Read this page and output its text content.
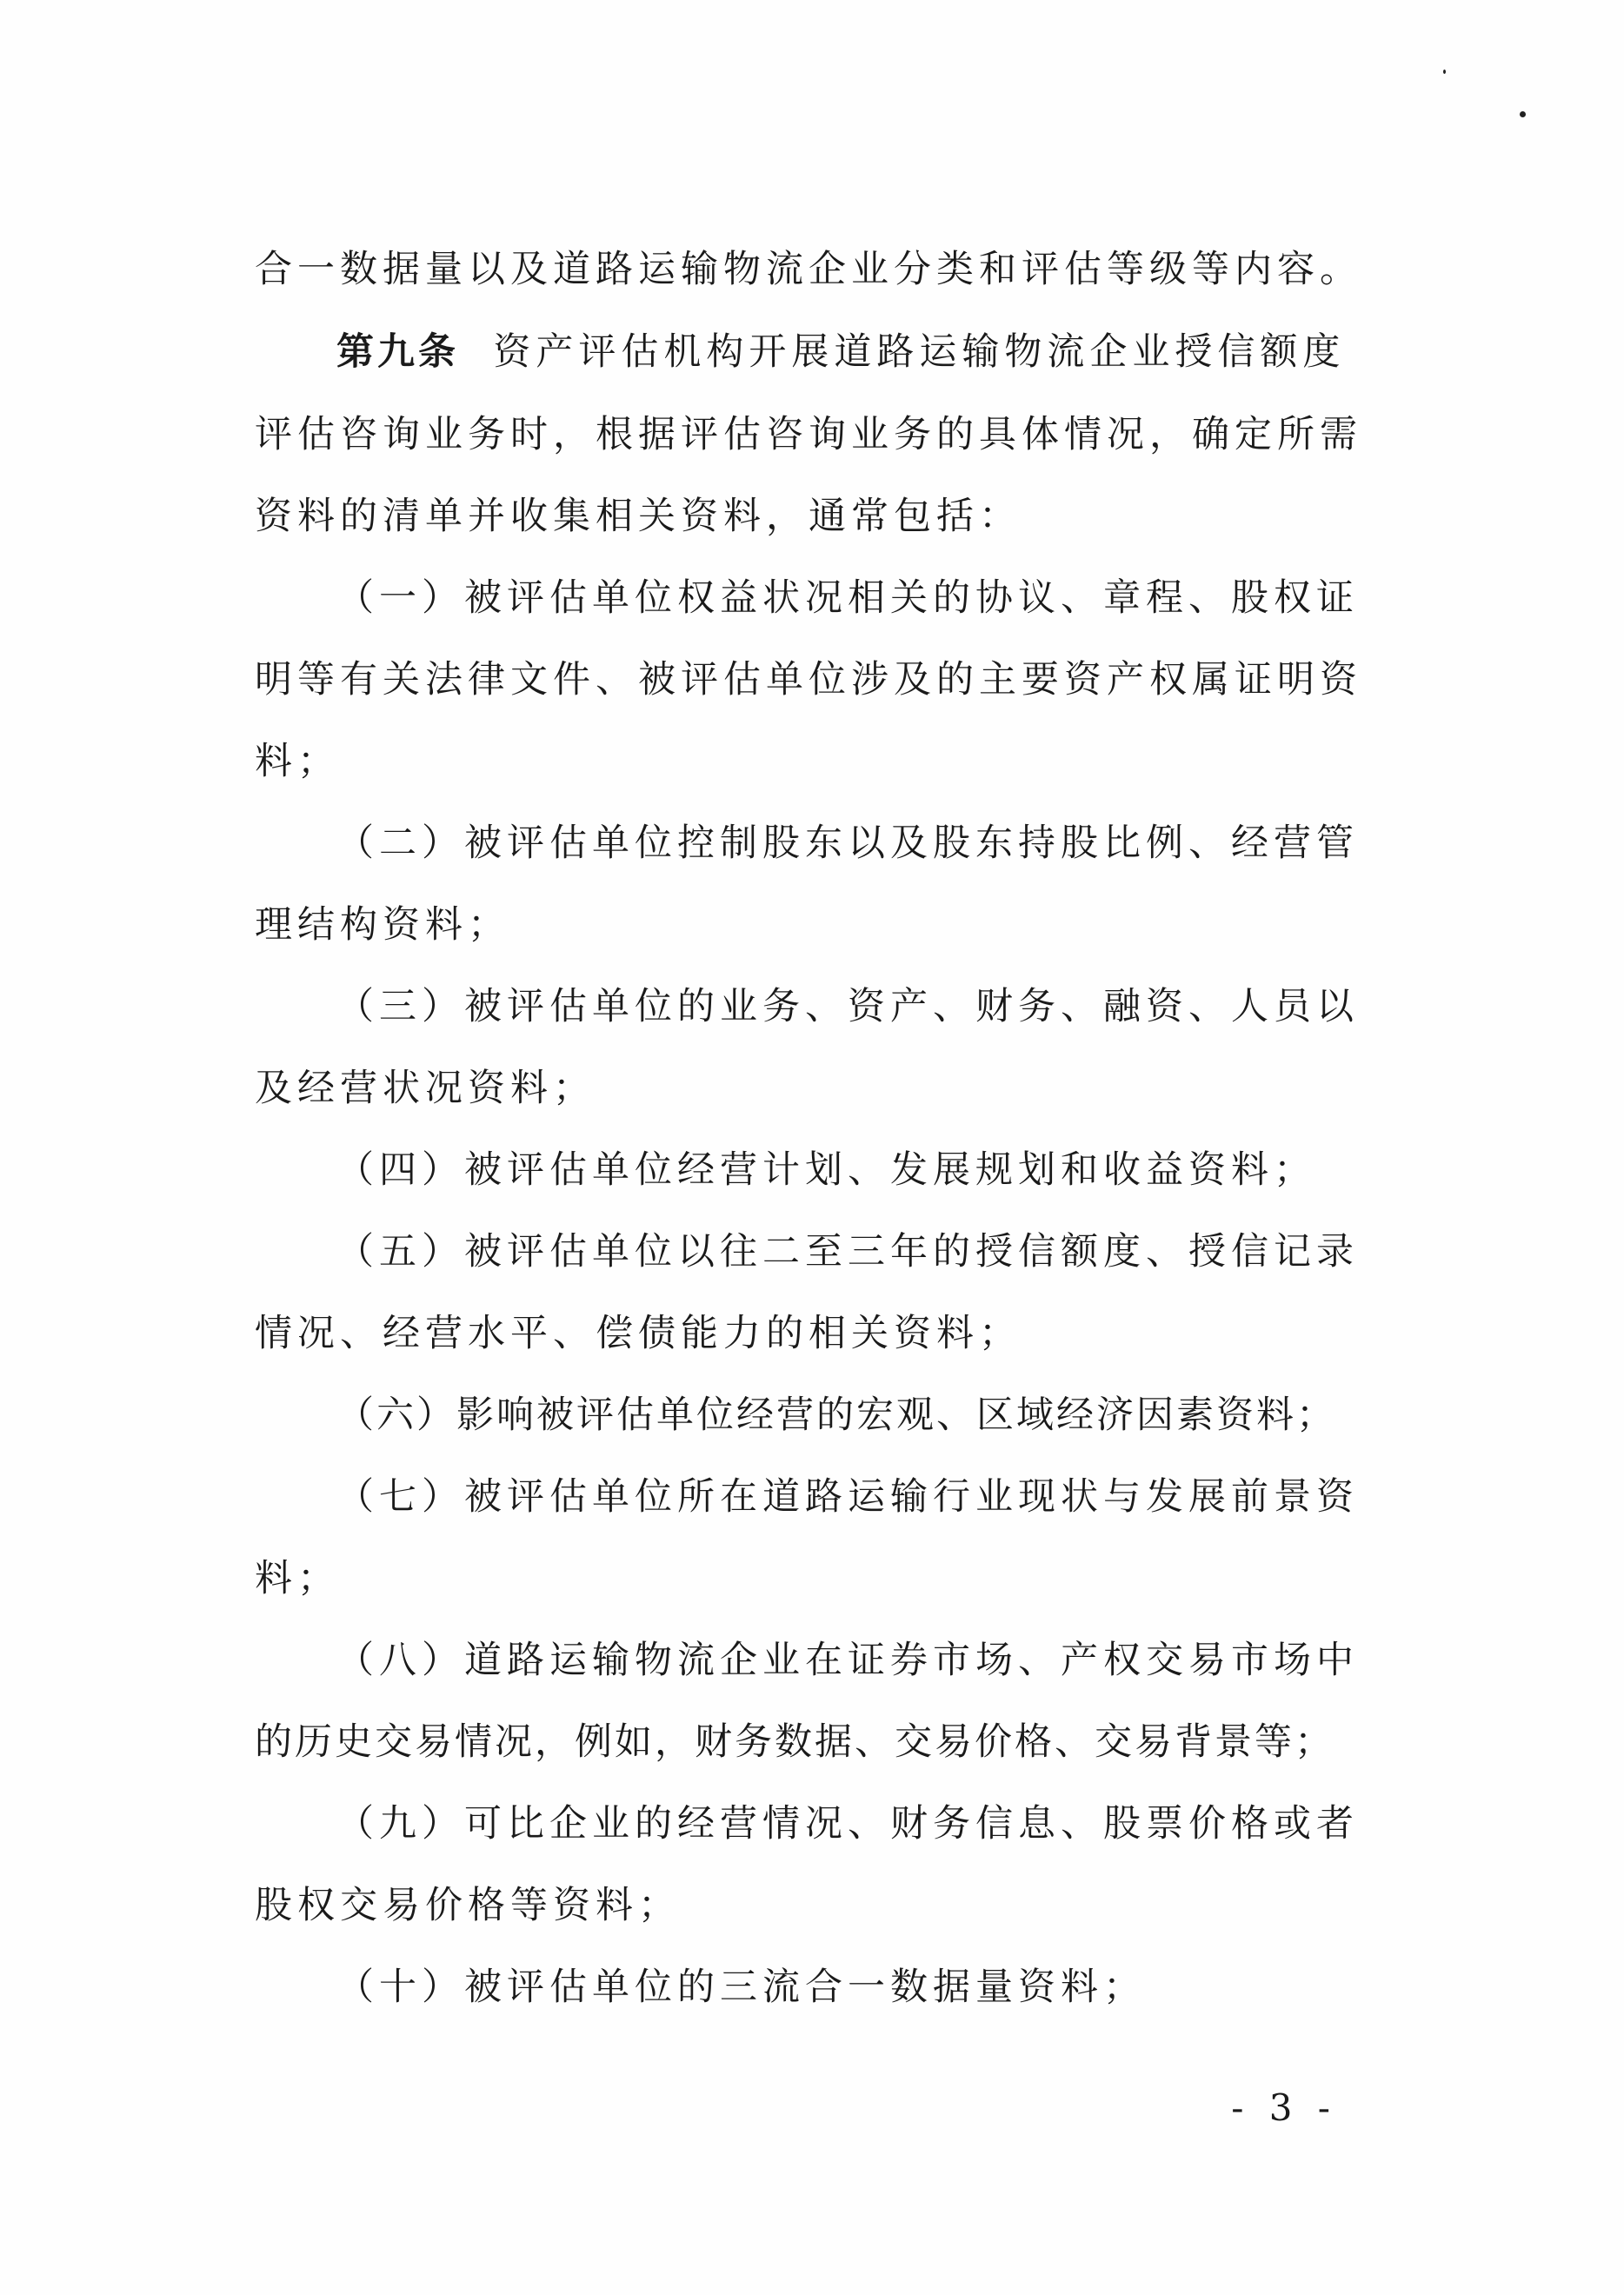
合一数据量以及道路运输物流企业分类和评估等级等内容。
第九条 资产评估机构开展道路运输物流企业授信额度
评估咨询业务时，根据评估咨询业务的具体情况，确定所需
资料的清单并收集相关资料，通常包括：
（一）被评估单位权益状况相关的协议、章程、股权证
明等有关法律文件、被评估单位涉及的主要资产权属证明资
料；
（二）被评估单位控制股东以及股东持股比例、经营管
理结构资料；
（三）被评估单位的业务、资产、财务、融资、人员以
及经营状况资料；
（四）被评估单位经营计划、发展规划和收益资料；
（五）被评估单位以往二至三年的授信额度、授信记录
情况、经营水平、偿债能力的相关资料；
（六）影响被评估单位经营的宏观、区域经济因素资料；
（七）被评估单位所在道路运输行业现状与发展前景资
料；
（八）道路运输物流企业在证券市场、产权交易市场中
的历史交易情况，例如，财务数据、交易价格、交易背景等；
（九）可比企业的经营情况、财务信息、股票价格或者
股权交易价格等资料；
（十）被评估单位的三流合一数据量资料；
- 3 -
